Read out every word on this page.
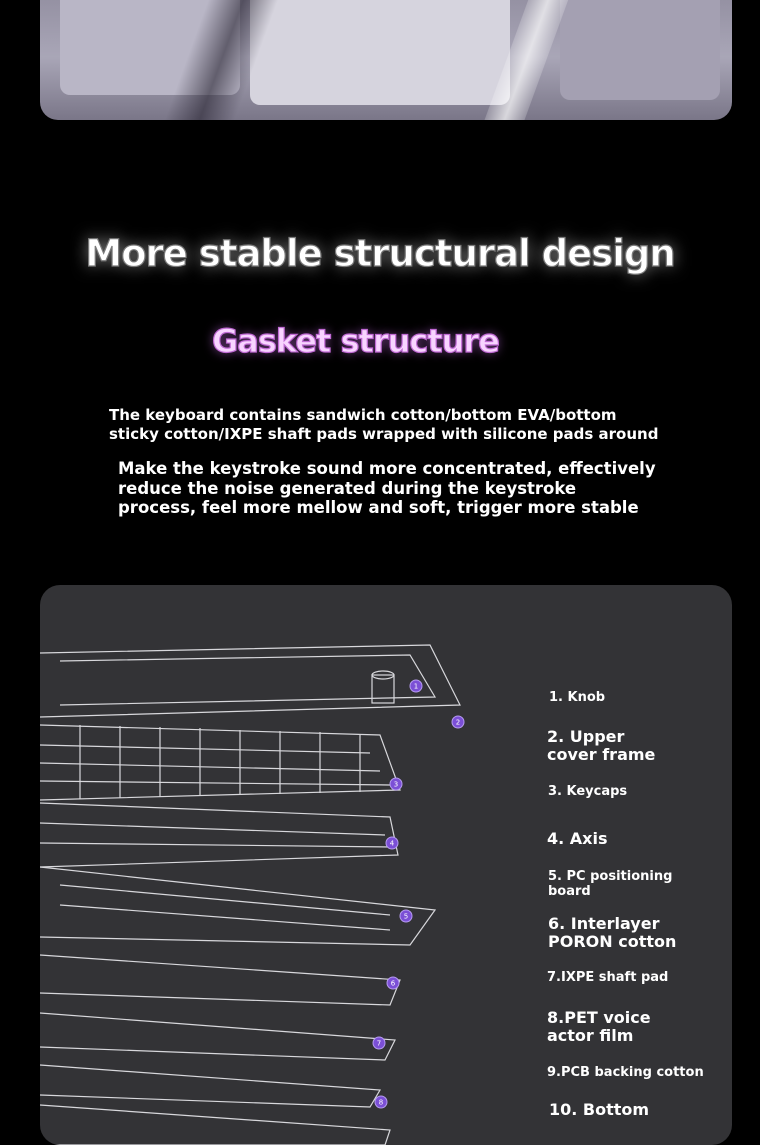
More stable structural design
Gasket structure
The keyboard contains sandwich cotton/bottom EVA/bottom sticky cotton/IXPE shaft pads wrapped with silicone pads around
Make the keystroke sound more concentrated, effectively reduce the noise generated during the keystroke process, feel more mellow and soft, trigger more stable
1
2
3
4
5
6
7
8
1. Knob
2. Upper cover frame
3. Keycaps
4. Axis
5. PC positioning board
6. Interlayer PORON cotton
7.IXPE shaft pad
8.PET voice actor film
9.PCB backing cotton
10. Bottom
